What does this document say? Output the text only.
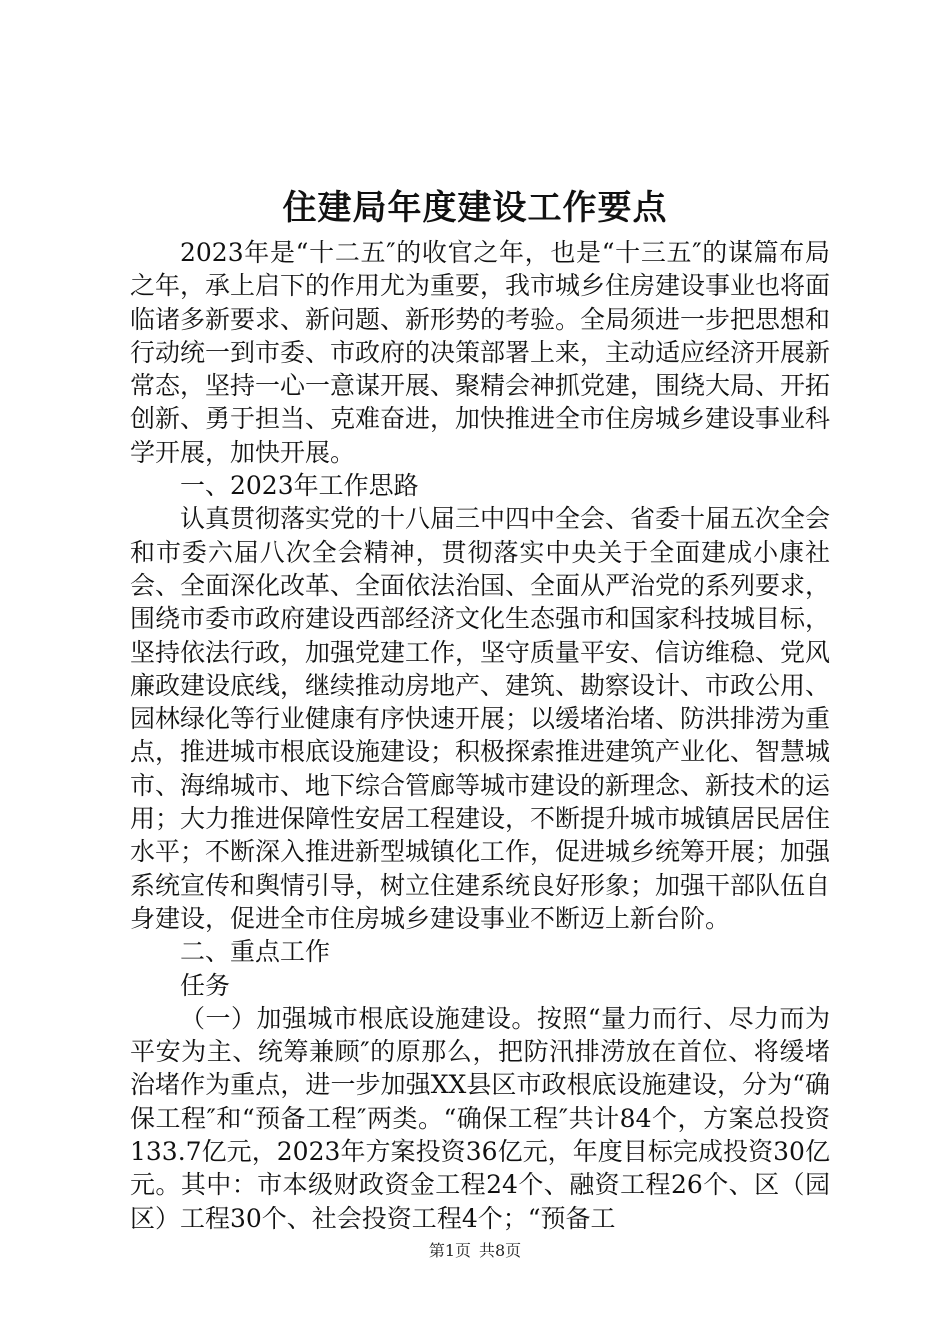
住建局年度建设工作要点

2023年是“十二五″的收官之年，也是“十三五″的谋篇布局之年，承上启下的作用尤为重要，我市城乡住房建设事业也将面临诸多新要求、新问题、新形势的考验。全局须进一步把思想和行动统一到市委、市政府的决策部署上来，主动适应经济开展新常态，坚持一心一意谋开展、聚精会神抓党建，围绕大局、开拓创新、勇于担当、克难奋进，加快推进全市住房城乡建设事业科学开展，加快开展。

一、2023年工作思路

认真贯彻落实党的十八届三中四中全会、省委十届五次全会和市委六届八次全会精神，贯彻落实中央关于全面建成小康社会、全面深化改革、全面依法治国、全面从严治党的系列要求，围绕市委市政府建设西部经济文化生态强市和国家科技城目标，坚持依法行政，加强党建工作，坚守质量平安、信访维稳、党风廉政建设底线，继续推动房地产、建筑、勘察设计、市政公用、园林绿化等行业健康有序快速开展；以缓堵治堵、防洪排涝为重点，推进城市根底设施建设；积极探索推进建筑产业化、智慧城市、海绵城市、地下综合管廊等城市建设的新理念、新技术的运用；大力推进保障性安居工程建设，不断提升城市城镇居民居住水平；不断深入推进新型城镇化工作，促进城乡统筹开展；加强系统宣传和舆情引导，树立住建系统良好形象；加强干部队伍自身建设，促进全市住房城乡建设事业不断迈上新台阶。

二、重点工作

任务

（一）加强城市根底设施建设。按照“量力而行、尽力而为平安为主、统筹兼顾″的原那么，把防汛排涝放在首位、将缓堵治堵作为重点，进一步加强XX县区市政根底设施建设，分为“确保工程″和“预备工程″两类。“确保工程″共计84个，方案总投资133.7亿元，2023年方案投资36亿元，年度目标完成投资30亿元。其中：市本级财政资金工程24个、融资工程26个、区（园区）工程30个、社会投资工程4个；“预备工

第1页 共8页
